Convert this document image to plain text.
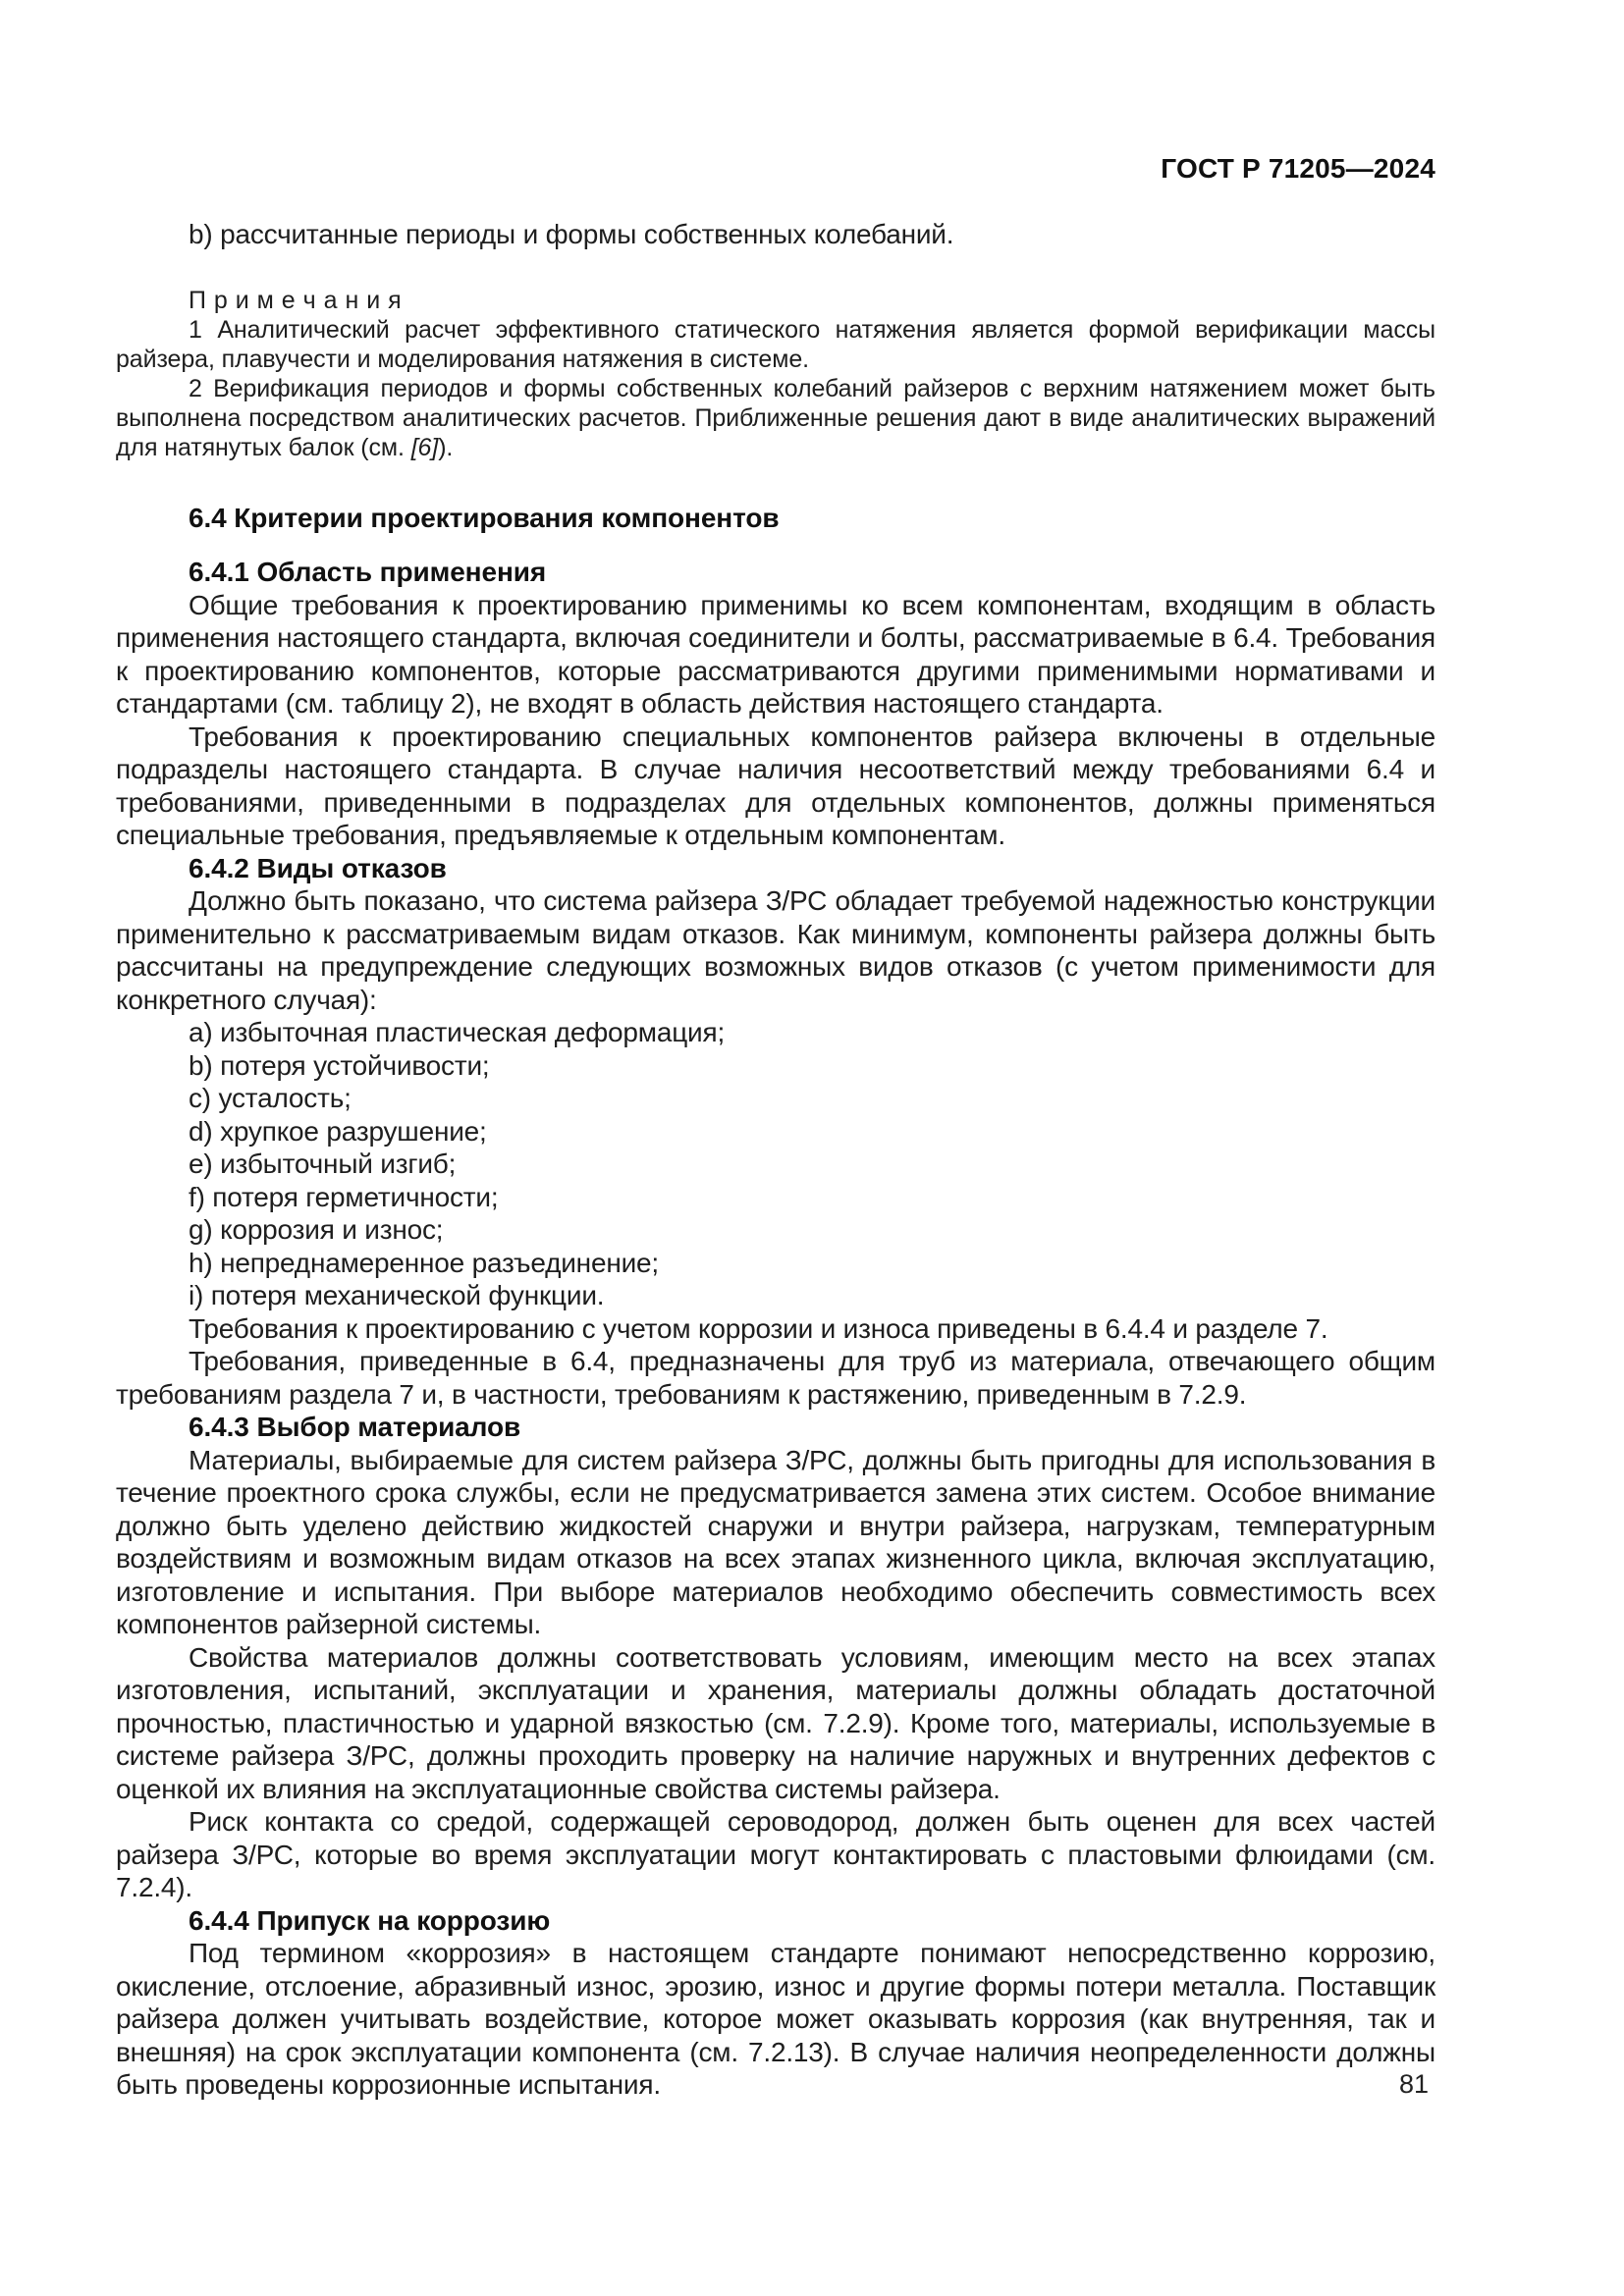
ГОСТ Р 71205—2024

b) рассчитанные периоды и формы собственных колебаний.

П р и м е ч а н и я

1 Аналитический расчет эффективного статического натяжения является формой верификации массы райзера, плавучести и моделирования натяжения в системе.

2 Верификация периодов и формы собственных колебаний райзеров с верхним натяжением может быть выполнена посредством аналитических расчетов. Приближенные решения дают в виде аналитических выражений для натянутых балок (см. [6]).

6.4 Критерии проектирования компонентов

6.4.1 Область применения

Общие требования к проектированию применимы ко всем компонентам, входящим в область применения настоящего стандарта, включая соединители и болты, рассматриваемые в 6.4. Требования к проектированию компонентов, которые рассматриваются другими применимыми нормативами и стандартами (см. таблицу 2), не входят в область действия настоящего стандарта.

Требования к проектированию специальных компонентов райзера включены в отдельные подразделы настоящего стандарта. В случае наличия несоответствий между требованиями 6.4 и требованиями, приведенными в подразделах для отдельных компонентов, должны применяться специальные требования, предъявляемые к отдельным компонентам.

6.4.2 Виды отказов

Должно быть показано, что система райзера З/РС обладает требуемой надежностью конструкции применительно к рассматриваемым видам отказов. Как минимум, компоненты райзера должны быть рассчитаны на предупреждение следующих возможных видов отказов (с учетом применимости для конкретного случая):

a) избыточная пластическая деформация;

b) потеря устойчивости;

c) усталость;

d) хрупкое разрушение;

e) избыточный изгиб;

f) потеря герметичности;

g) коррозия и износ;

h) непреднамеренное разъединение;

i) потеря механической функции.

Требования к проектированию с учетом коррозии и износа приведены в 6.4.4 и разделе 7.

Требования, приведенные в 6.4, предназначены для труб из материала, отвечающего общим требованиям раздела 7 и, в частности, требованиям к растяжению, приведенным в 7.2.9.

6.4.3 Выбор материалов

Материалы, выбираемые для систем райзера З/РС, должны быть пригодны для использования в течение проектного срока службы, если не предусматривается замена этих систем. Особое внимание должно быть уделено действию жидкостей снаружи и внутри райзера, нагрузкам, температурным воздействиям и возможным видам отказов на всех этапах жизненного цикла, включая эксплуатацию, изготовление и испытания. При выборе материалов необходимо обеспечить совместимость всех компонентов райзерной системы.

Свойства материалов должны соответствовать условиям, имеющим место на всех этапах изготовления, испытаний, эксплуатации и хранения, материалы должны обладать достаточной прочностью, пластичностью и ударной вязкостью (см. 7.2.9). Кроме того, материалы, используемые в системе райзера З/РС, должны проходить проверку на наличие наружных и внутренних дефектов с оценкой их влияния на эксплуатационные свойства системы райзера.

Риск контакта со средой, содержащей сероводород, должен быть оценен для всех частей райзера З/РС, которые во время эксплуатации могут контактировать с пластовыми флюидами (см. 7.2.4).

6.4.4 Припуск на коррозию

Под термином «коррозия» в настоящем стандарте понимают непосредственно коррозию, окисление, отслоение, абразивный износ, эрозию, износ и другие формы потери металла. Поставщик райзера должен учитывать воздействие, которое может оказывать коррозия (как внутренняя, так и внешняя) на срок эксплуатации компонента (см. 7.2.13). В случае наличия неопределенности должны быть проведены коррозионные испытания.	81
